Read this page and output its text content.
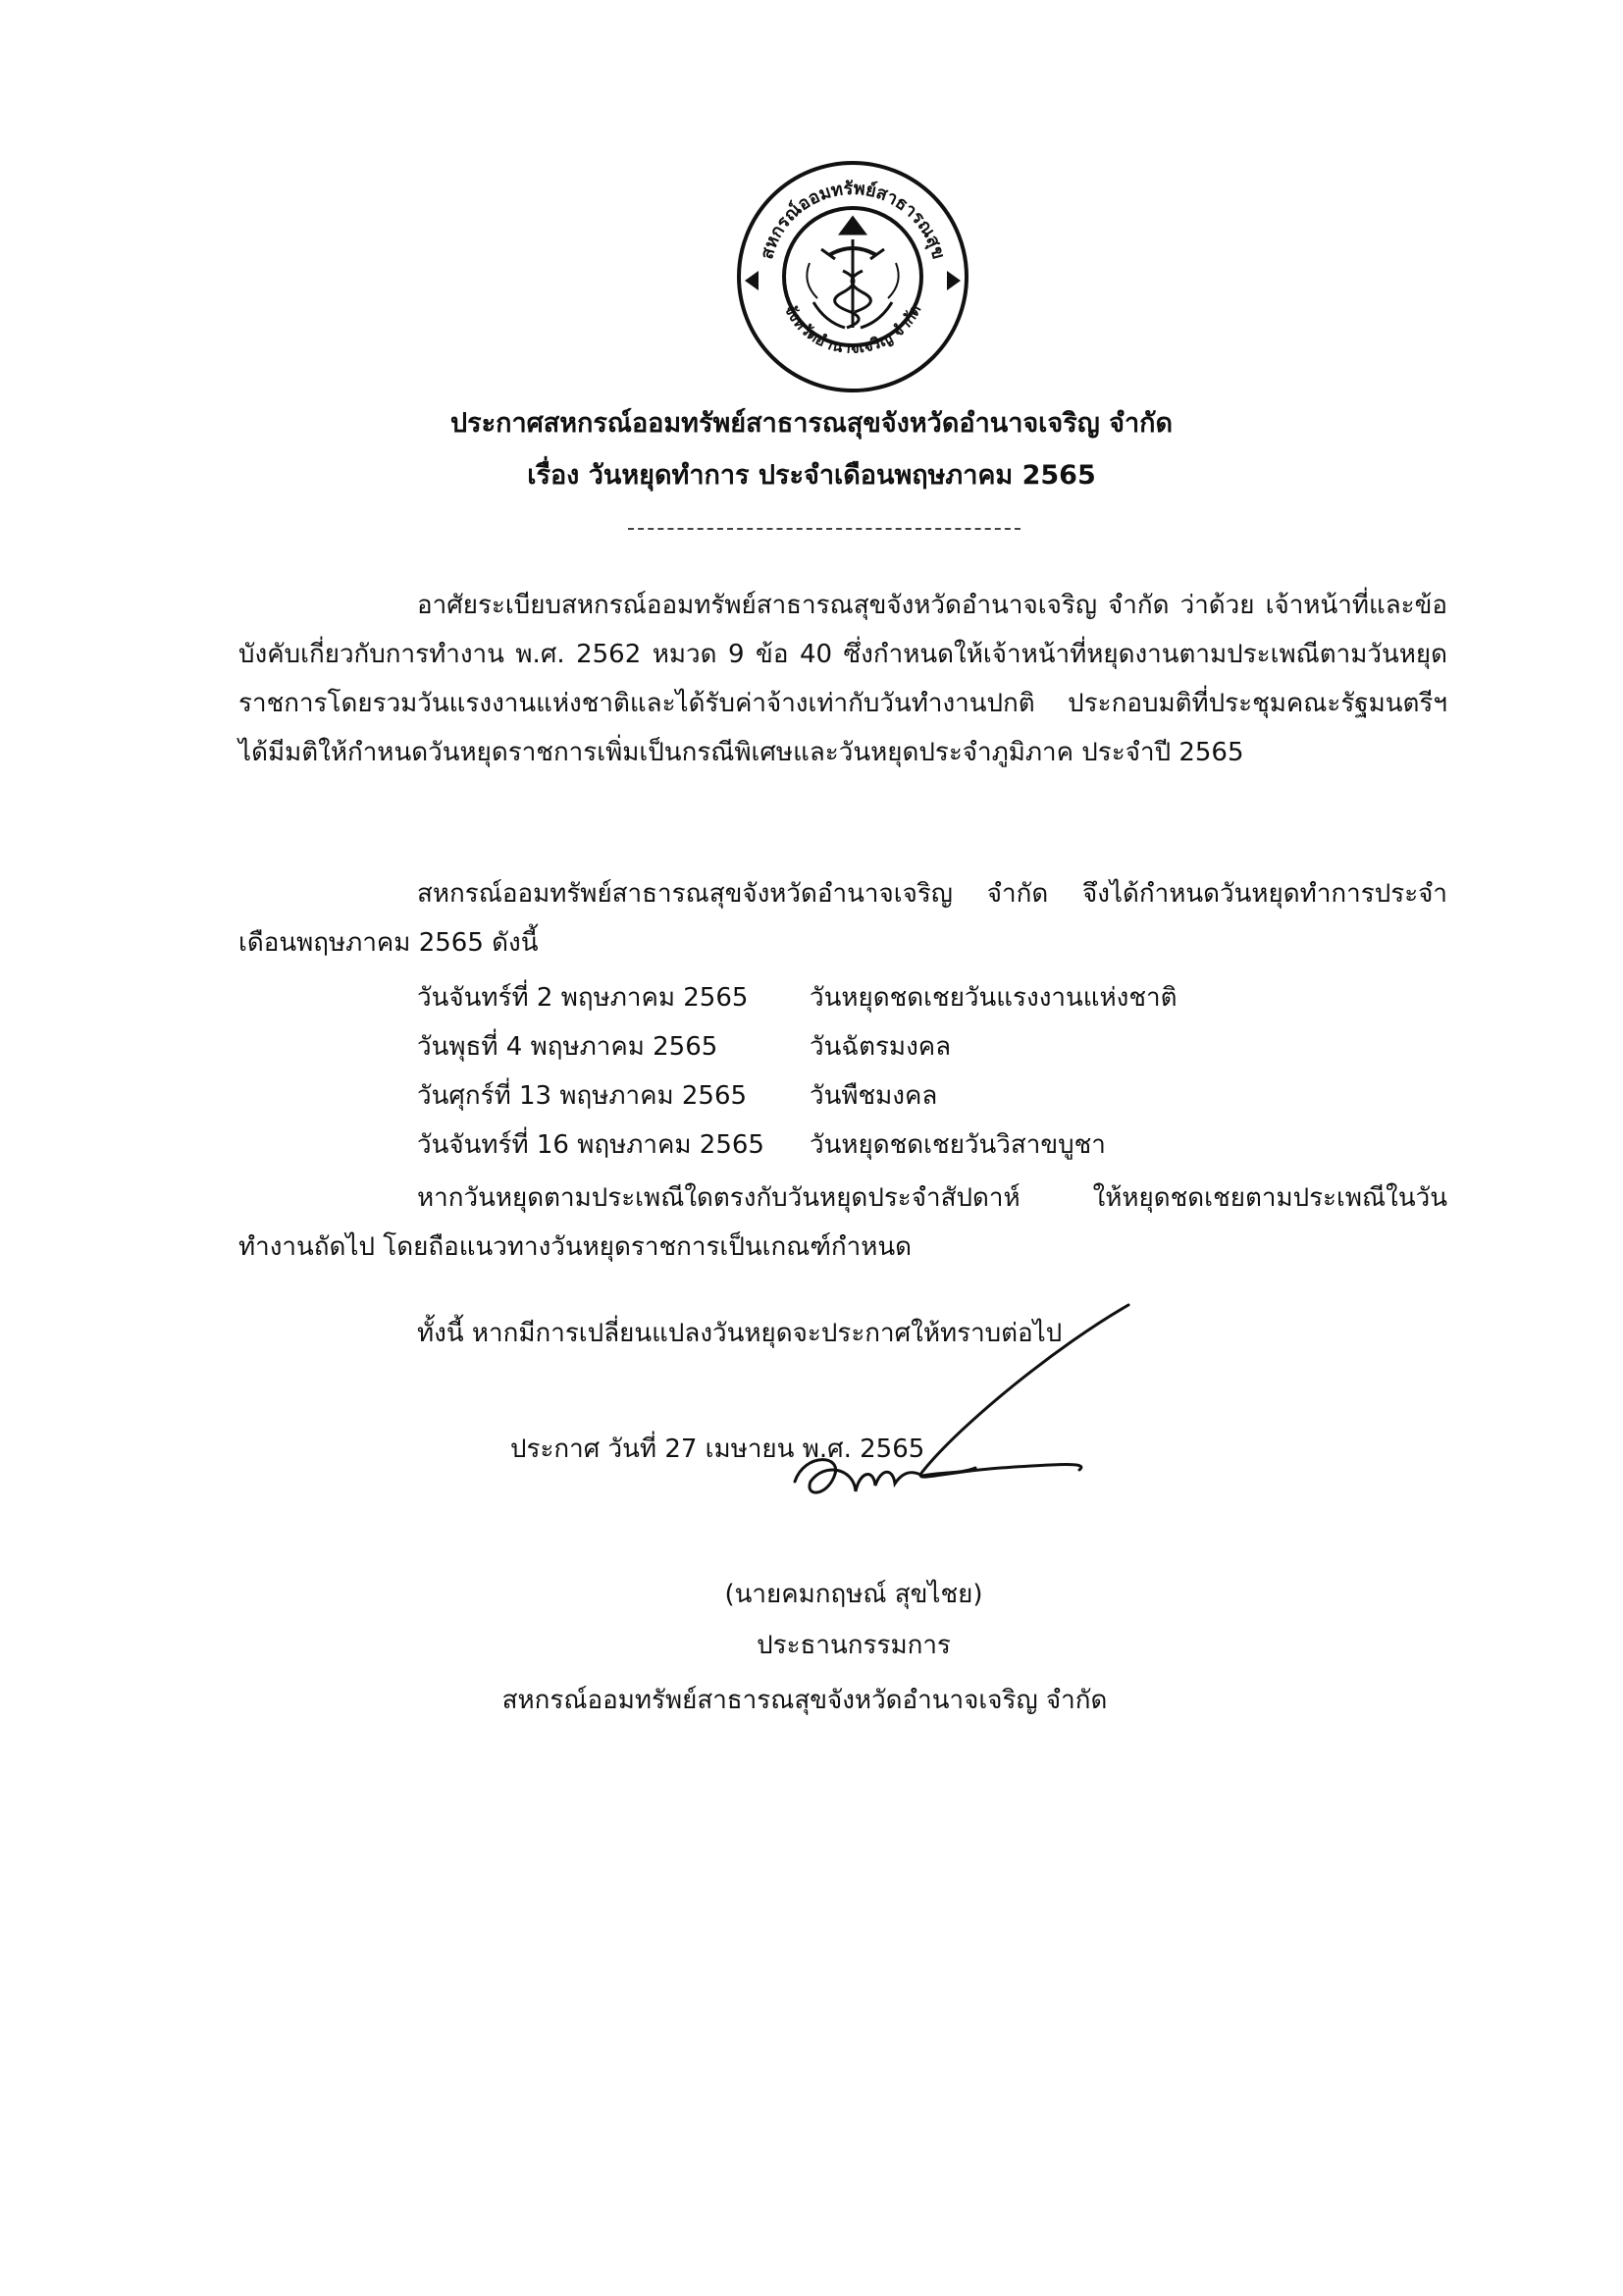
สหกรณ์ออมทรัพย์สาธารณสุข
จังหวัดอำนาจเจริญ จำกัด
ประกาศสหกรณ์ออมทรัพย์สาธารณสุขจังหวัดอำนาจเจริญ จำกัด
เรื่อง วันหยุดทำการ ประจำเดือนพฤษภาคม 2565

อาศัยระเบียบสหกรณ์ออมทรัพย์สาธารณสุขจังหวัดอำนาจเจริญ จำกัด ว่าด้วย เจ้าหน้าที่และข้อบังคับเกี่ยวกับการทำงาน พ.ศ. 2562 หมวด 9 ข้อ 40 ซึ่งกำหนดให้เจ้าหน้าที่หยุดงานตามประเพณีตามวันหยุดราชการโดยรวมวันแรงงานแห่งชาติและได้รับค่าจ้างเท่ากับวันทำงานปกติ ประกอบมติที่ประชุมคณะรัฐมนตรีฯ ได้มีมติให้กำหนดวันหยุดราชการเพิ่มเป็นกรณีพิเศษและวันหยุดประจำภูมิภาค ประจำปี 2565

สหกรณ์ออมทรัพย์สาธารณสุขจังหวัดอำนาจเจริญ จำกัด จึงได้กำหนดวันหยุดทำการประจำเดือนพฤษภาคม 2565 ดังนี้

วันจันทร์ที่ 2 พฤษภาคม 2565	วันหยุดชดเชยวันแรงงานแห่งชาติ
วันพุธที่ 4 พฤษภาคม 2565	วันฉัตรมงคล
วันศุกร์ที่ 13 พฤษภาคม 2565	วันพืชมงคล
วันจันทร์ที่ 16 พฤษภาคม 2565	วันหยุดชดเชยวันวิสาขบูชา

หากวันหยุดตามประเพณีใดตรงกับวันหยุดประจำสัปดาห์ ให้หยุดชดเชยตามประเพณีในวันทำงานถัดไป โดยถือแนวทางวันหยุดราชการเป็นเกณฑ์กำหนด

ทั้งนี้ หากมีการเปลี่ยนแปลงวันหยุดจะประกาศให้ทราบต่อไป

ประกาศ วันที่ 27 เมษายน พ.ศ. 2565
(นายคมกฤษณ์ สุขไชย)
ประธานกรรมการ
สหกรณ์ออมทรัพย์สาธารณสุขจังหวัดอำนาจเจริญ จำกัด
